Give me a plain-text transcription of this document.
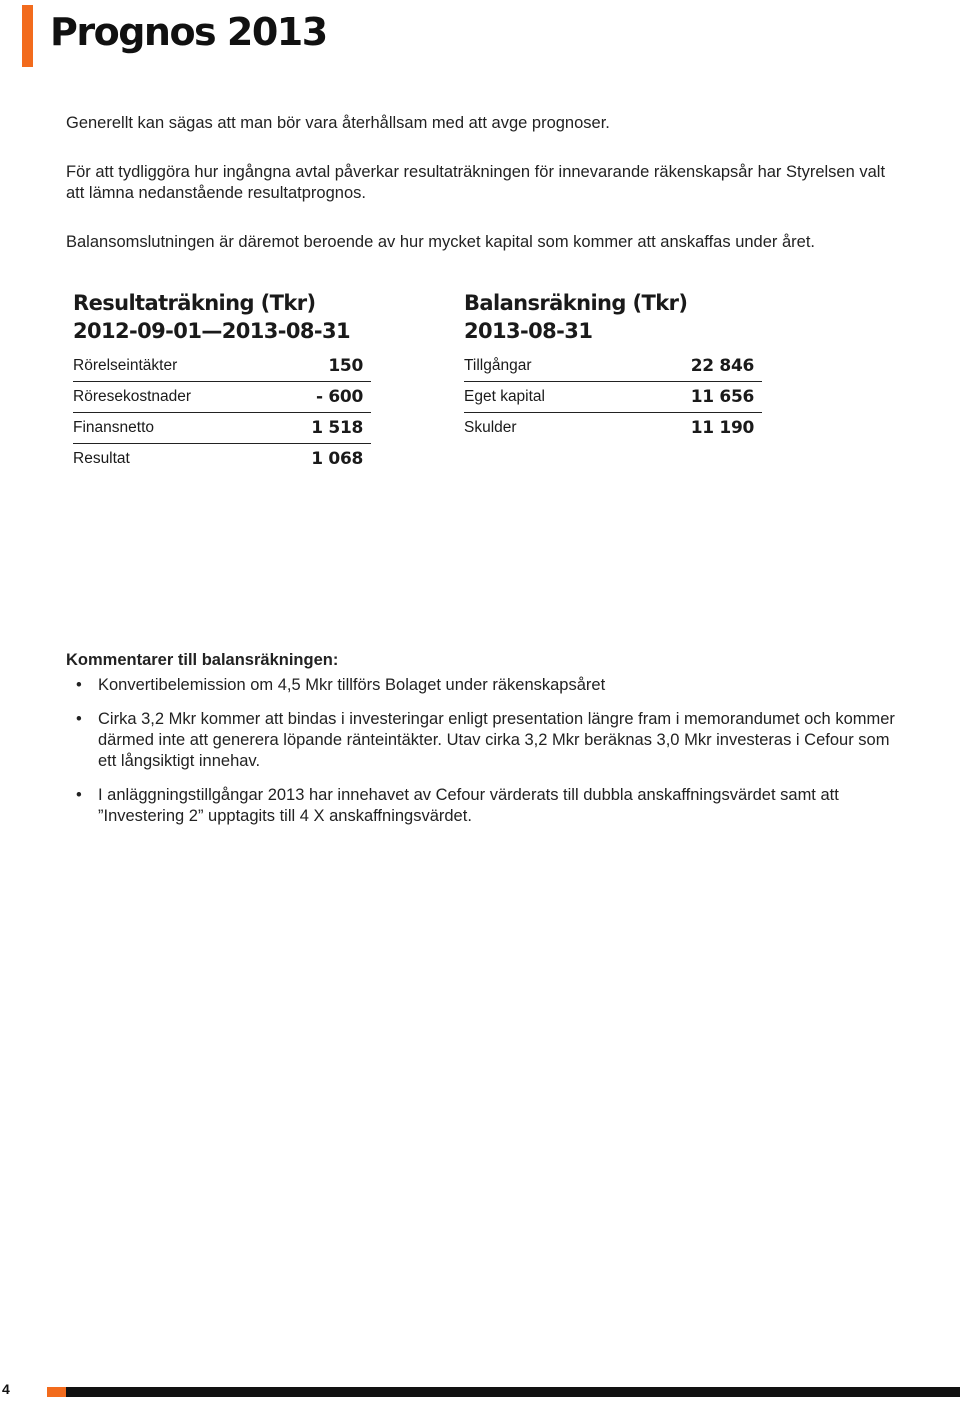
Prognos 2013

Generellt kan sägas att man bör vara återhållsam med att avge prognoser.

För att tydliggöra hur ingångna avtal påverkar resultaträkningen för innevarande räkenskapsår har Styrelsen valt att lämna nedanstående resultatprognos.

Balansomslutningen är däremot beroende av hur mycket kapital som kommer att anskaffas under året.

Resultaträkning (Tkr)
2012-09-01—2013-08-31
Rörelseintäkter	150
Röresekostnader	- 600
Finansnetto	1 518
Resultat	1 068
Balansräkning (Tkr)
2013-08-31
Tillgångar	22 846
Eget kapital	11 656
Skulder	11 190

Kommentarer till balansräkningen:

• Konvertibelemission om 4,5 Mkr tillförs Bolaget under räkenskapsåret
• Cirka 3,2 Mkr kommer att bindas i investeringar enligt presentation längre fram i memorandumet och kommer därmed inte att generera löpande ränteintäkter. Utav cirka 3,2 Mkr beräknas 3,0 Mkr investeras i Cefour som ett långsiktigt innehav.
• I anläggningstillgångar 2013 har innehavet av Cefour värderats till dubbla anskaffningsvärdet samt att ”Investering 2” upptagits till 4 X anskaffningsvärdet.
4
